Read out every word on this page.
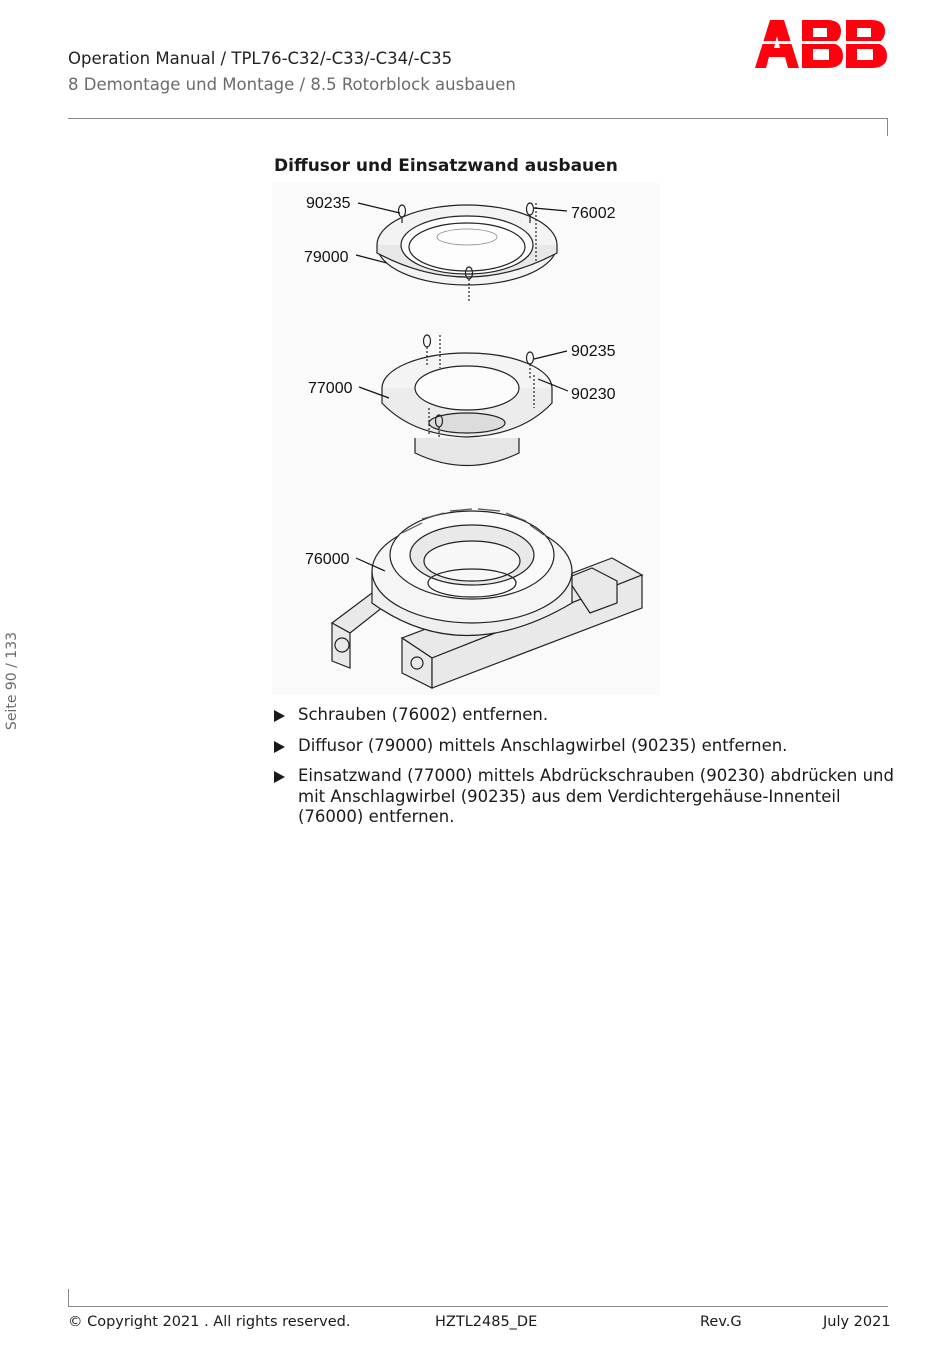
Operation Manual / TPL76-C32/-C33/-C34/-C35
8 Demontage und Montage / 8.5 Rotorblock ausbauen
Seite 90 / 133
Diffusor und Einsatzwand ausbauen
90235
76002
79000
90235
77000	90230
76000
Schrauben (76002) entfernen.
Diffusor (79000) mittels Anschlagwirbel (90235) entfernen.
Einsatzwand (77000) mittels Abdrückschrauben (90230) abdrücken und mit Anschlagwirbel (90235) aus dem Verdichtergehäuse-Innenteil (76000) entfernen.
© Copyright 2021 . All rights reserved.	HZTL2485_DE	Rev.G	July 2021
